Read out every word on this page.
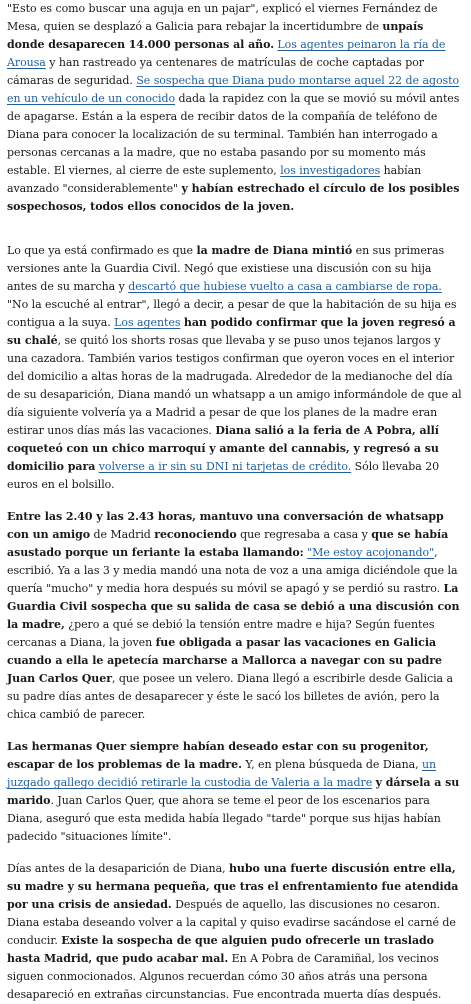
"Esto es como buscar una aguja en un pajar", explicó el viernes Fernández de Mesa, quien se desplazó a Galicia para rebajar la incertidumbre de unpaís donde desaparecen 14.000 personas al año. Los agentes peinaron la ría de Arousa y han rastreado ya centenares de matrículas de coche captadas por cámaras de seguridad. Se sospecha que Diana pudo montarse aquel 22 de agosto en un vehículo de un conocido dada la rapidez con la que se movió su móvil antes de apagarse. Están a la espera de recibir datos de la compañía de teléfono de Diana para conocer la localización de su terminal. También han interrogado a personas cercanas a la madre, que no estaba pasando por su momento más estable. El viernes, al cierre de este suplemento, los investigadores habían avanzado "considerablemente" y habían estrechado el círculo de los posibles sospechosos, todos ellos conocidos de la joven.

Lo que ya está confirmado es que la madre de Diana mintió en sus primeras versiones ante la Guardia Civil. Negó que existiese una discusión con su hija antes de su marcha y descartó que hubiese vuelto a casa a cambiarse de ropa. "No la escuché al entrar", llegó a decir, a pesar de que la habitación de su hija es contigua a la suya. Los agentes han podido confirmar que la joven regresó a su chalé, se quitó los shorts rosas que llevaba y se puso unos tejanos largos y una cazadora. También varios testigos confirman que oyeron voces en el interior del domicilio a altas horas de la madrugada. Alrededor de la medianoche del día de su desaparición, Diana mandó un whatsapp a un amigo informándole de que al día siguiente volvería ya a Madrid a pesar de que los planes de la madre eran estirar unos días más las vacaciones. Diana salió a la feria de A Pobra, allí coqueteó con un chico marroquí y amante del cannabis, y regresó a su domicilio para volverse a ir sin su DNI ni tarjetas de crédito. Sólo llevaba 20 euros en el bolsillo.

Entre las 2.40 y las 2.43 horas, mantuvo una conversación de whatsapp con un amigo de Madrid reconociendo que regresaba a casa y que se había asustado porque un feriante la estaba llamando: "Me estoy acojonando", escribió. Ya a las 3 y media mandó una nota de voz a una amiga diciéndole que la quería "mucho" y media hora después su móvil se apagó y se perdió su rastro. La Guardia Civil sospecha que su salida de casa se debió a una discusión con la madre, ¿pero a qué se debió la tensión entre madre e hija? Según fuentes cercanas a Diana, la joven fue obligada a pasar las vacaciones en Galicia cuando a ella le apetecía marcharse a Mallorca a navegar con su padre Juan Carlos Quer, que posee un velero. Diana llegó a escribirle desde Galicia a su padre días antes de desaparecer y éste le sacó los billetes de avión, pero la chica cambió de parecer.

Las hermanas Quer siempre habían deseado estar con su progenitor, escapar de los problemas de la madre. Y, en plena búsqueda de Diana, un juzgado gallego decidió retirarle la custodia de Valeria a la madre y dársela a su marido. Juan Carlos Quer, que ahora se teme el peor de los escenarios para Diana, aseguró que esta medida había llegado "tarde" porque sus hijas habían padecido "situaciones límite".

Días antes de la desaparición de Diana, hubo una fuerte discusión entre ella, su madre y su hermana pequeña, que tras el enfrentamiento fue atendida por una crisis de ansiedad. Después de aquello, las discusiones no cesaron. Diana estaba deseando volver a la capital y quiso evadirse sacándose el carné de conducir. Existe la sospecha de que alguien pudo ofrecerle un traslado hasta Madrid, que pudo acabar mal. En A Pobra de Caramiñal, los vecinos siguen conmocionados. Algunos recuerdan cómo 30 años atrás una persona desapareció en extrañas circunstancias. Fue encontrada muerta días después.
